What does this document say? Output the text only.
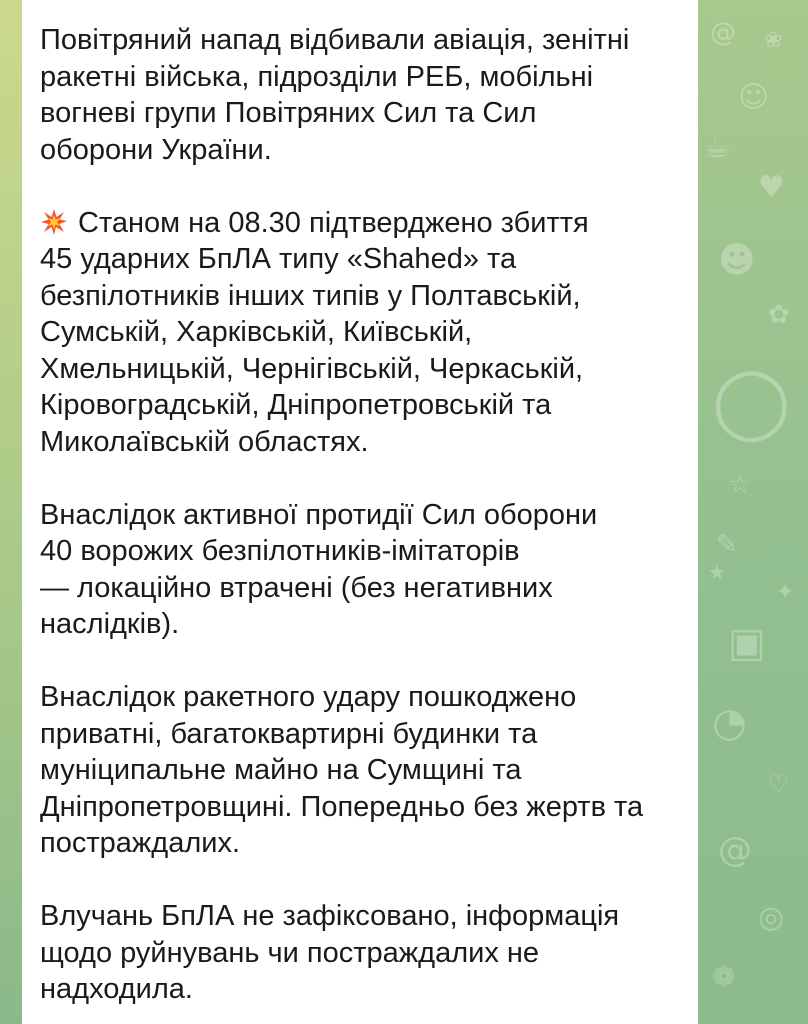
@ ❀
☺
☕
♥
☻
✿
◯
☆
✎
★
✦
▣
◔
♡
@
◎
❁

Повітряний напад відбивали авіація, зенітні
ракетні війська, підрозділи РЕБ, мобільні
вогневі групи Повітряних Сил та Сил
оборони України.

Станом на 08.30 підтверджено збиття
45 ударних БпЛА типу «Shahed» та
безпілотників інших типів у Полтавській,
Сумській, Харківській, Київській,
Хмельницькій, Чернігівській, Черкаській,
Кіровоградській, Дніпропетровській та
Миколаївській областях.

Внаслідок активної протидії Сил оборони
40 ворожих безпілотників-імітаторів
— локаційно втрачені (без негативних
наслідків).

Внаслідок ракетного удару пошкоджено
приватні, багатоквартирні будинки та
муніципальне майно на Сумщині та
Дніпропетровщині. Попередньо без жертв та
постраждалих.

Влучань БпЛА не зафіксовано, інформація
щодо руйнувань чи постраждалих не
надходила.
